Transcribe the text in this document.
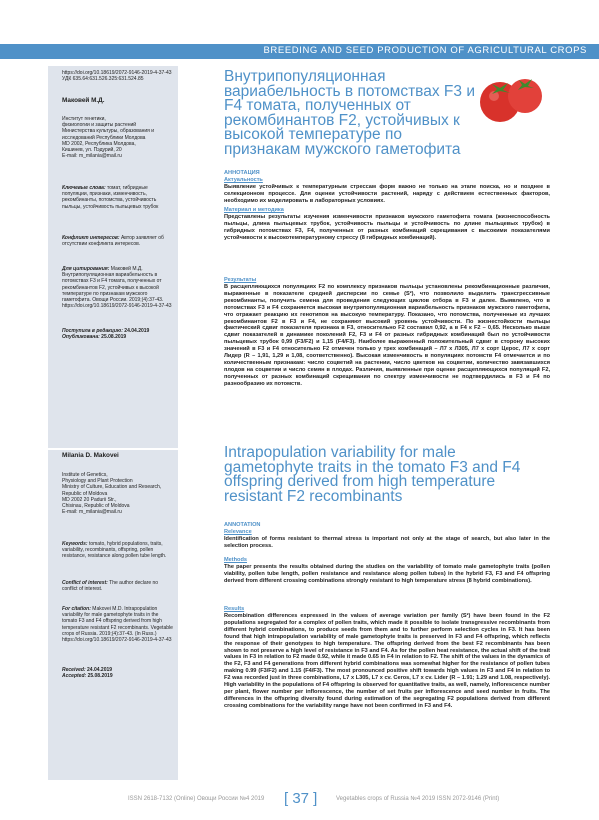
BREEDING AND SEED PRODUCTION OF AGRICULTURAL CROPS
https://doi.org/10.18619/2072-9146-2019-4-37-43
УДК 635.64:631.526.325:631.524.85
Маковей М.Д.
Институт генетики,
физиологии и защиты растений
Министерства культуры, образования и
исследований Республики Молдова
MD 2002, Республика Молдова,
Кишинев, ул. Пэдурий, 20
E-mail: m_milania@mail.ru
Ключевые слова: томат, гибридные популяции, признаки, изменчивость, рекомбинанты, потомства, устойчивость пыльцы, устойчивость пыльцевых трубок
Конфликт интересов: Автор заявляет об отсутствии конфликта интересов.
Для цитирования: Маковей М.Д. Внутрипопуляционная вариабельность в потомствах F3 и F4 томата, полученных от рекомбинантов F2, устойчивых к высокой температуре по признакам мужского гаметофита. Овощи России. 2019;(4):37-43. https://doi.org/10.18619/2072-9146-2019-4-37-43
Поступила в редакцию: 24.04.2019
Опубликована: 25.08.2019
Milania D. Makovei
Institute of Genetics,
Physiology and Plant Protection
Ministry of Culture, Education and Research,
Republic of Moldova
MD 2002 20 Padurii Str.,
Chisinau, Republic of Moldova
E-mail: m_milania@mail.ru
Keywords: tomato, hybrid populations, traits, variability, recombinants, offspring, pollen resistance, resistance along pollen tube length.
Conflict of interest: The author declare no conflict of interest.
For citation: Makovei M.D. Intrapopulation variability for male gametophyte traits in the tomato F3 and F4 offspring derived from high temperature resistant F2 recombinants. Vegetable crops of Russia. 2019;(4):37-43. (In Russ.) https://doi.org/10.18619/2072-9146-2019-4-37-43
Received: 24.04.2019
Accepted: 25.08.2019
Внутрипопуляционная вариабельность в потомствах F3 и F4 томата, полученных от рекомбинантов F2, устойчивых к высокой температуре по признакам мужского гаметофита
АННОТАЦИЯ
Актуальность
Выявление устойчивых к температурным стрессам форм важно не только на этапе поиска, но и позднее в селекционном процессе. Для оценки устойчивости растений, наряду с действием естественных факторов, необходимо их моделировать в лабораторных условиях.
Материал и методика
Представлены результаты изучения изменчивости признаков мужского гаметофита томата (жизнеспособность пыльцы, длина пыльцевых трубок, устойчивость пыльцы и устойчивость по длине пыльцевых трубок) в гибридных потомствах F3, F4, полученных от разных комбинаций скрещивания с высокими показателями устойчивости к высокотемпературному стрессу (8 гибридных комбинаций).
Результаты
В расщепляющихся популяциях F2 по комплексу признаков пыльцы установлены рекомбинационные различия, выраженные в показателе средней дисперсии по семье (S²), что позволило выделить трансгрессивные рекомбинанты, получить семена для проведения следующих циклов отбора в F3 и далее. Выявлено, что в потомствах F3 и F4 сохраняется высокая внутрипопуляционная вариабельность признаков мужского гаметофита, что отражает реакцию их генотипов на высокую температуру. Показано, что потомства, полученные из лучших рекомбинантов F2 в F3 и F4, не сохраняют высокий уровень устойчивости. По жизнестойкости пыльцы фактический сдвиг показателя признака в F3, относительно F2 составил 0,92, а в F4 к F2 – 0,65. Несколько выше сдвиг показателей в динамике поколений F2, F3 и F4 от разных гибридных комбинаций был по устойчивости пыльцевых трубок 0,99 (F3/F2) и 1,15 (F4/F3). Наиболее выраженный положительный сдвиг в сторону высоких значений в F3 и F4 относительно F2 отмечен только у трех комбинаций – Л7 х Л305, Л7 х сорт Церос, Л7 х сорт Лидер (R – 1,91, 1,29 и 1,08, соответственно). Высокая изменчивость в популяциях потомств F4 отмечается и по количественным признакам: число соцветий на растении, число цветков на соцветии, количество завязавшихся плодов на соцветии и число семян в плодах. Различия, выявленные при оценке расщепляющихся популяций F2, полученных от разных комбинаций скрещивания по спектру изменчивости не подтвердились в F3 и F4 по разнообразию их потомств.
Intrapopulation variability for male gametophyte traits in the tomato F3 and F4 offspring derived from high temperature resistant F2 recombinants
ANNOTATION
Relevance
Identification of forms resistant to thermal stress is important not only at the stage of search, but also later in the selection process.
Methods
The paper presents the results obtained during the studies on the variability of tomato male gametophyte traits (pollen viability, pollen tube length, pollen resistance and resistance along pollen tubes) in the hybrid F3, F3 and F4 offspring derived from different crossing combinations strongly resistant to high temperature stress (8 hybrid combinations).
Results
Recombination differences expressed in the values of average variation per family (S²) have been found in the F2 populations segregated for a complex of pollen traits, which made it possible to isolate transgressive recombinants from different hybrid combinations, to produce seeds from them and to further perform selection cycles in F3. It has been found that high intrapopulation variability of male gametophyte traits is preserved in F3 and F4 offspring, which reflects the response of their genotypes to high temperature. The offspring derived from the best F2 recombinants has been shown to not preserve a high level of resistance in F3 and F4. As for the pollen heat resistance, the actual shift of the trait values in F3 in relation to F2 made 0.92, while it made 0.65 in F4 in relation to F2. The shift of the values in the dynamics of the F2, F3 and F4 generations from different hybrid combinations was somewhat higher for the resistance of pollen tubes making 0.99 (F3/F2) and 1.15 (F4/F3). The most pronounced positive shift towards high values in F3 and F4 in relation to F2 was recorded just in three combinations, L7 x L305, L7 x cv. Ceros, L7 x cv. Lider (R – 1.91; 1.29 and 1.08, respectively). High variability in the populations of F4 offspring is observed for quantitative traits, as well, namely, inflorescence number per plant, flower number per inflorescence, the number of set fruits per inflorescence and seed number in fruits. The differences in the offspring diversity found during estimation of the segregating F2 populations derived from different crossing combinations for the variability range have not been confirmed in F3 and F4.
ISSN 2618-7132 (Online) Овощи России №4 2019 [ 37 ]	Vegetables crops of Russia №4 2019 ISSN 2072-9146 (Print)
